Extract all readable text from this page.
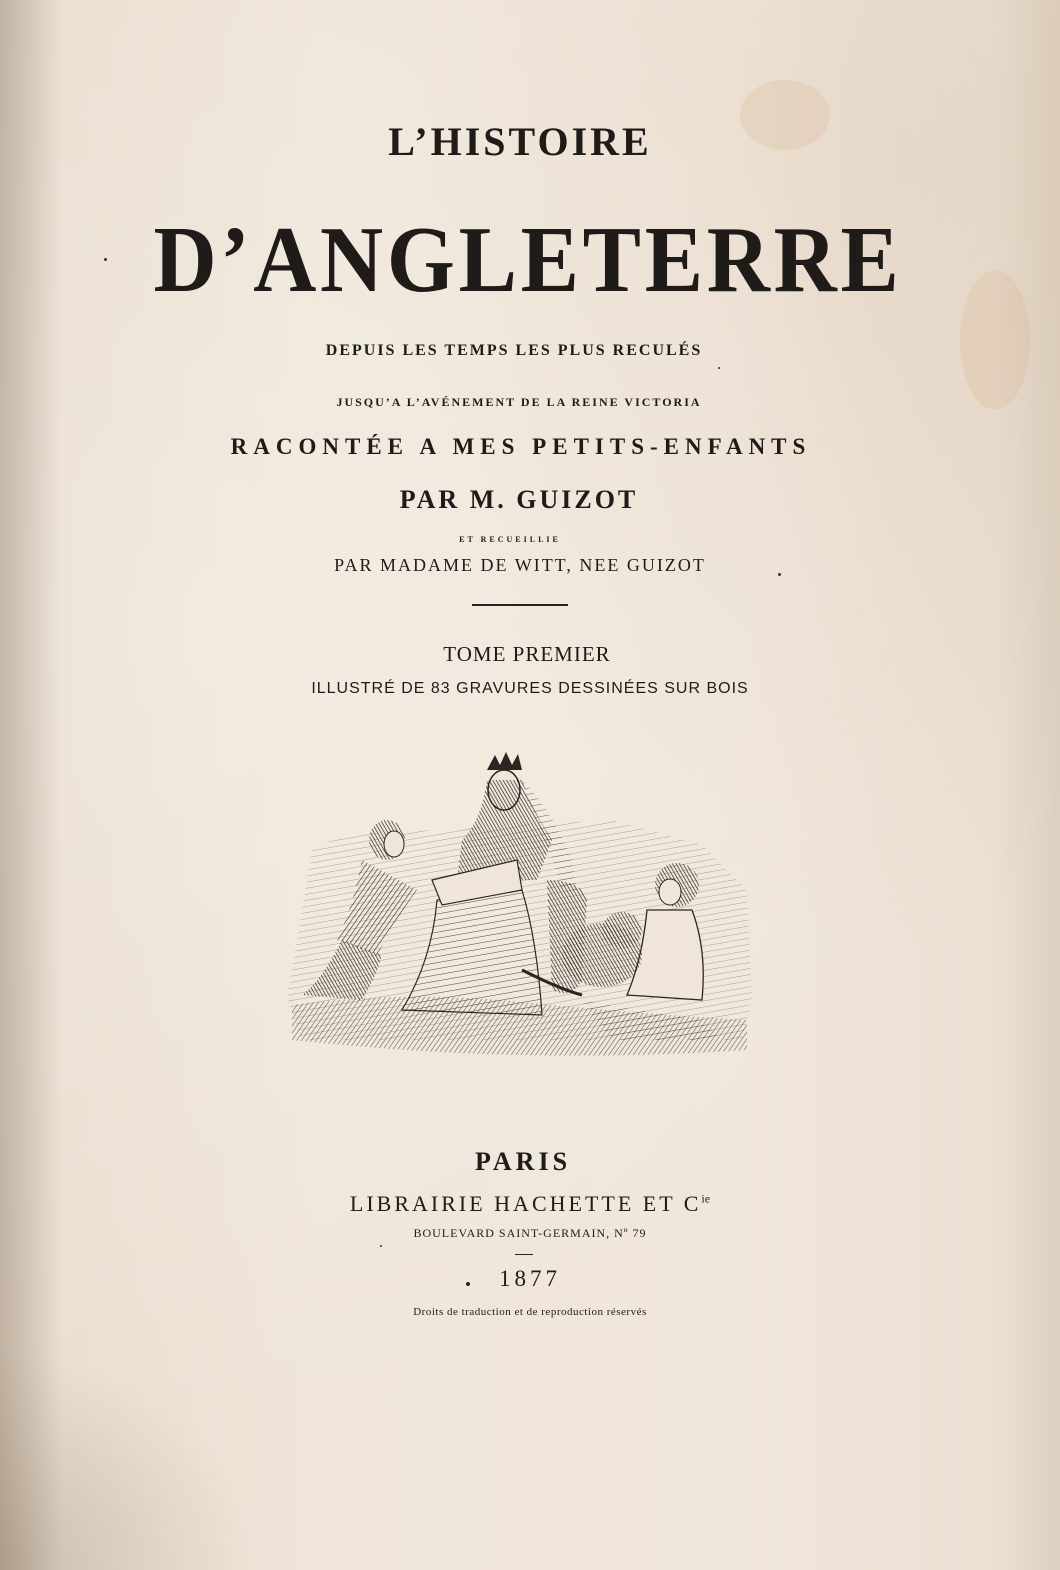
L’HISTOIRE
D’ANGLETERRE
DEPUIS LES TEMPS LES PLUS RECULÉS
JUSQU’A L’AVÉNEMENT DE LA REINE VICTORIA
RACONTÉE A MES PETITS-ENFANTS
PAR M. GUIZOT
ET RECUEILLIE
PAR MADAME DE WITT, NEE GUIZOT
TOME PREMIER
ILLUSTRÉ DE 83 GRAVURES DESSINÉES SUR BOIS
PARIS
LIBRAIRIE HACHETTE ET $C^{ie}$
BOULEVARD SAINT-GERMAIN, Nº 79
1877
Droits de traduction et de reproduction réservés
